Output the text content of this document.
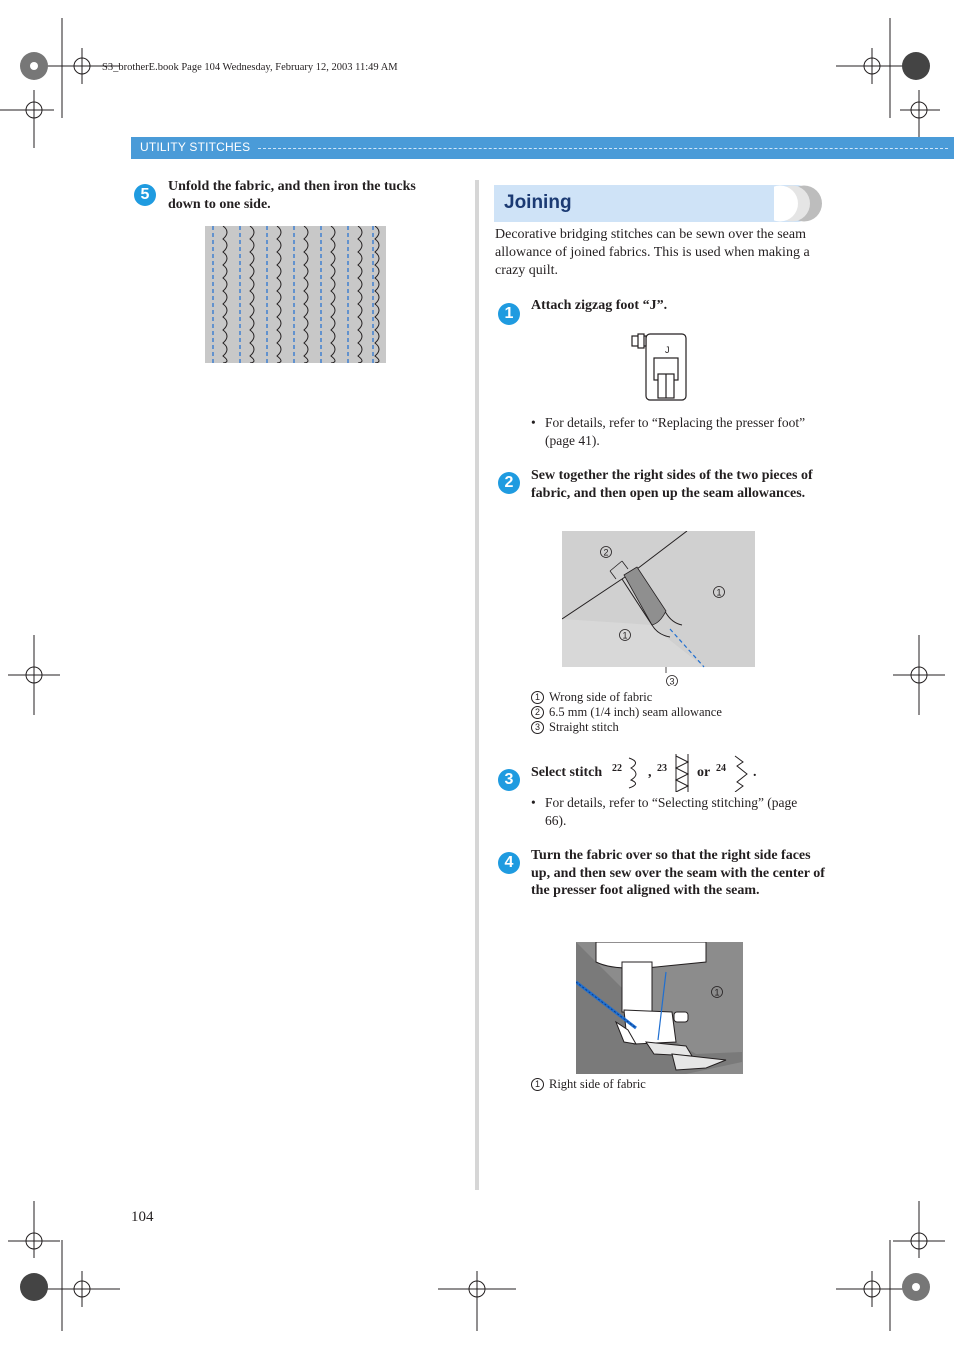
S3_brotherE.book Page 104 Wednesday, February 12, 2003 11:49 AM
UTILITY STITCHES
5	Unfold the fabric, and then iron the tucks down to one side.	Joining
Decorative bridging stitches can be sewn over the seam allowance of joined fabrics. This is used when making a crazy quilt.
1	Attach zigzag foot “J”.
J
• For details, refer to “Replacing the presser foot” (page 41).
2	Sew together the right sides of the two pieces of fabric, and then open up the seam allowances.
2
1
1
3
1 Wrong side of fabric
2 6.5 mm (1/4 inch) seam allowance
3 Straight stitch
3	Select stitch 22 , 23 or 24 .
• For details, refer to “Selecting stitching” (page 66).
4	Turn the fabric over so that the right side faces up, and then sew over the seam with the center of the presser foot aligned with the seam.
1
1 Right side of fabric
104
